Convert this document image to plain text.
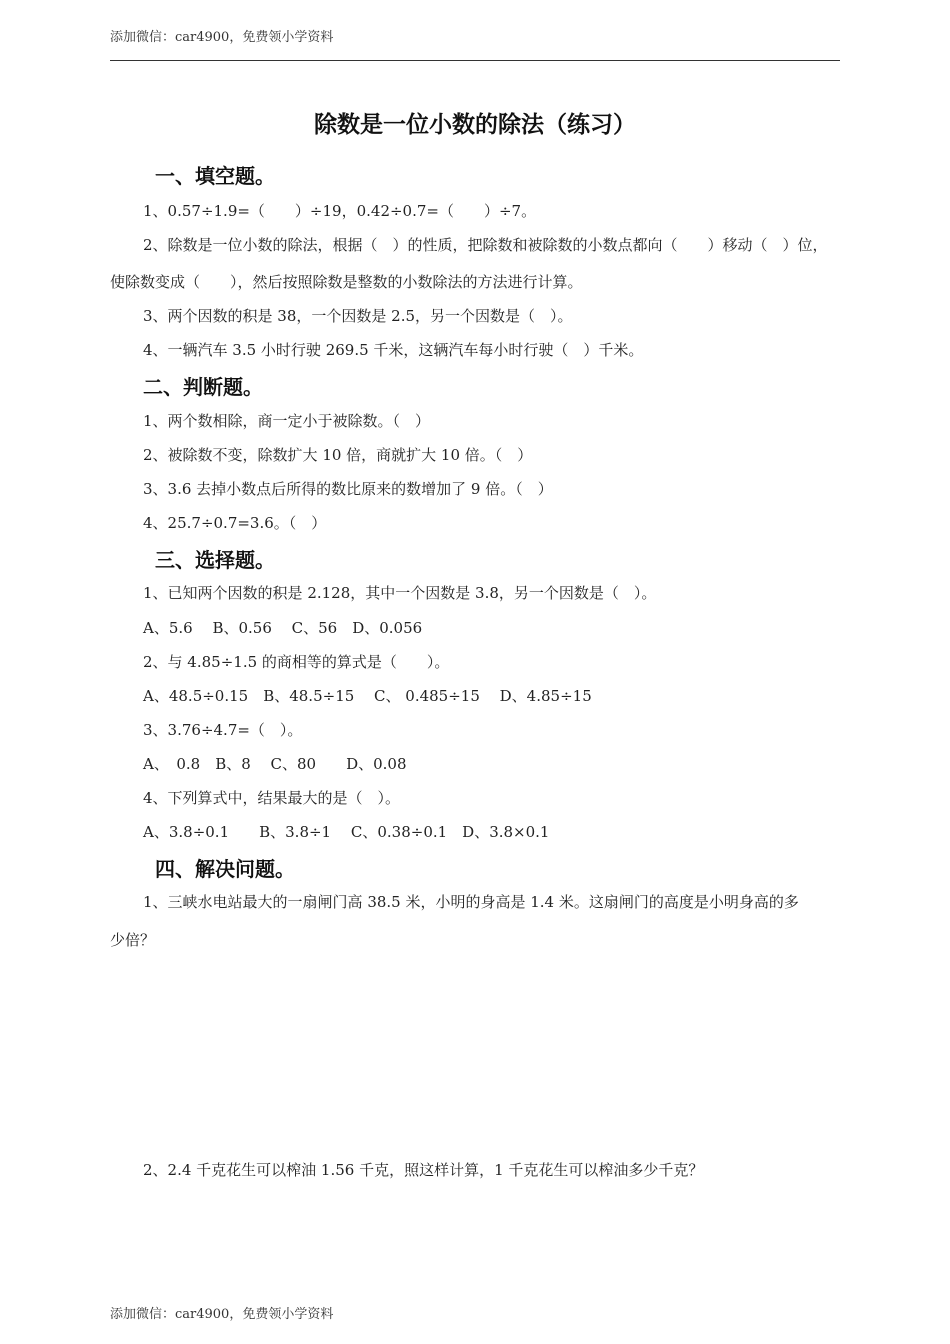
添加微信：car4900，免费领小学资料
除数是一位小数的除法（练习）
一、填空题。
1、0.57÷1.9=（　　）÷19，0.42÷0.7=（　　）÷7。
2、除数是一位小数的除法，根据（　）的性质，把除数和被除数的小数点都向（　　）移动（　）位，
使除数变成（　　），然后按照除数是整数的小数除法的方法进行计算。
3、两个因数的积是 38，一个因数是 2.5，另一个因数是（　）。
4、一辆汽车 3.5 小时行驶 269.5 千米，这辆汽车每小时行驶（　）千米。
二、判断题。
1、两个数相除，商一定小于被除数。（　）
2、被除数不变，除数扩大 10 倍，商就扩大 10 倍。（　）
3、3.6 去掉小数点后所得的数比原来的数增加了 9 倍。（　）
4、25.7÷0.7=3.6。（　）
三、选择题。
1、已知两个因数的积是 2.128，其中一个因数是 3.8，另一个因数是（　）。
A、5.6　 B、0.56　 C、56　D、0.056
2、与 4.85÷1.5 的商相等的算式是（　　）。
A、48.5÷0.15　B、48.5÷15　 C、 0.485÷15　 D、4.85÷15
3、3.76÷4.7=（　）。
A、　0.8　B、8　 C、80　　D、0.08
4、下列算式中，结果最大的是（　）。
A、3.8÷0.1　　B、3.8÷1　 C、0.38÷0.1　D、3.8×0.1
四、解决问题。
1、三峡水电站最大的一扇闸门高 38.5 米，小明的身高是 1.4 米。这扇闸门的高度是小明身高的多
少倍？
2、2.4 千克花生可以榨油 1.56 千克，照这样计算，1 千克花生可以榨油多少千克？
添加微信：car4900，免费领小学资料
